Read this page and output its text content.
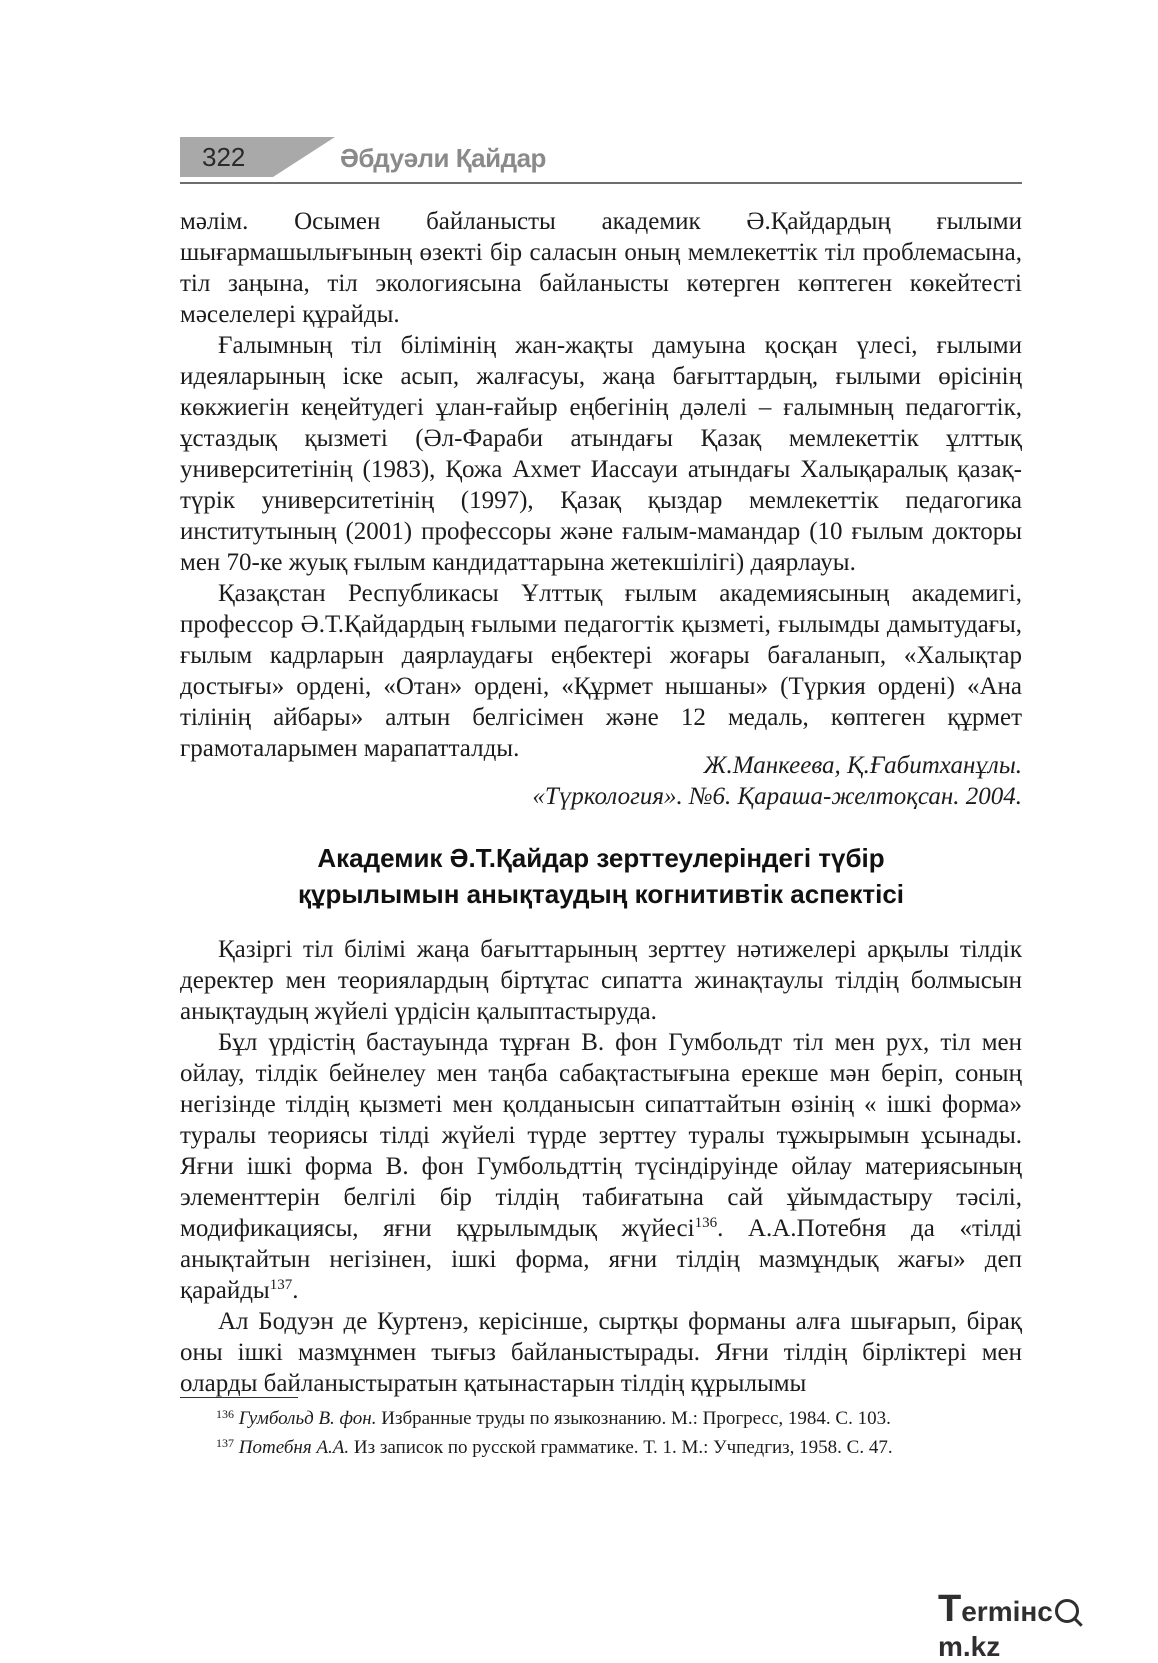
322	Әбдуәли Қайдар

мәлім. Осымен байланысты академик Ә.Қайдардың ғылыми шығармашылығының өзекті бір саласын оның мемлекеттік тіл проблемасына, тіл заңына, тіл экологиясына байланысты көтерген көптеген көкейтесті мәселелері құрайды.

Ғалымның тіл білімінің жан-жақты дамуына қосқан үлесі, ғылыми идеяларының іске асып, жалғасуы, жаңа бағыттардың, ғылыми өрісінің көкжиегін кеңейтудегі ұлан-ғайыр еңбегінің дәлелі – ғалымның педагогтік, ұстаздық қызметі (Әл-Фараби атындағы Қазақ мемлекеттік ұлттық университетінің (1983), Қожа Ахмет Иассауи атындағы Халықаралық қазақ-түрік университетінің (1997), Қазақ қыздар мемлекеттік педагогика институтының (2001) профессоры және ғалым-мамандар (10 ғылым докторы мен 70-ке жуық ғылым кандидаттарына жетекшілігі) даярлауы.

Қазақстан Республикасы Ұлттық ғылым академиясының академигі, профессор Ә.Т.Қайдардың ғылыми педагогтік қызметі, ғылымды дамытудағы, ғылым кадрларын даярлаудағы еңбектері жоғары бағаланып, «Халықтар достығы» ордені, «Отан» ордені, «Құрмет нышаны» (Түркия ордені) «Ана тілінің айбары» алтын белгісімен және 12 медаль, көптеген құрмет грамоталарымен марапатталды.

Ж.Манкеева, Қ.Ғабитханұлы.
«Түркология». №6. Қараша-желтоқсан. 2004.
Академик Ә.Т.Қайдар зерттеулеріндегі түбір
құрылымын анықтаудың когнитивтік аспектісі

Қазіргі тіл білімі жаңа бағыттарының зерттеу нәтижелері арқылы тілдік деректер мен теориялардың біртұтас сипатта жинақтаулы тілдің болмысын анықтаудың жүйелі үрдісін қалыптастыруда.

Бұл үрдістің бастауында тұрған В. фон Гумбольдт тіл мен рух, тіл мен ойлау, тілдік бейнелеу мен таңба сабақтастығына ерекше мән беріп, соның негізінде тілдің қызметі мен қолданысын сипаттайтын өзінің « ішкі форма» туралы теориясы тілді жүйелі түрде зерттеу туралы тұжырымын ұсынады. Яғни ішкі форма В. фон Гумбольдттің түсіндіруінде ойлау материясының элементтерін белгілі бір тілдің табиғатына сай ұйымдастыру тәсілі, модификациясы, яғни құрылымдық жүйесі$^{136}$. А.А.Потебня да «тілді анықтайтын негізінен, ішкі форма, яғни тілдің мазмұндық жағы» деп қарайды$^{137}$.

Ал Бодуэн де Куртенэ, керісінше, сыртқы форманы алға шығарып, бірақ оны ішкі мазмұнмен тығыз байланыстырады. Яғни тілдің бірліктері мен оларды байланыстыратын қатынастарын тілдің құрылымы

$^{136}$ Гумбольд В. фон. Избранные труды по языкознанию. М.: Прогресс, 1984. С. 103.
$^{137}$ Потебня А.А. Из записок по русской грамматике. Т. 1. М.: Учпедгиз, 1958. С. 47.
Termінcm.kz
